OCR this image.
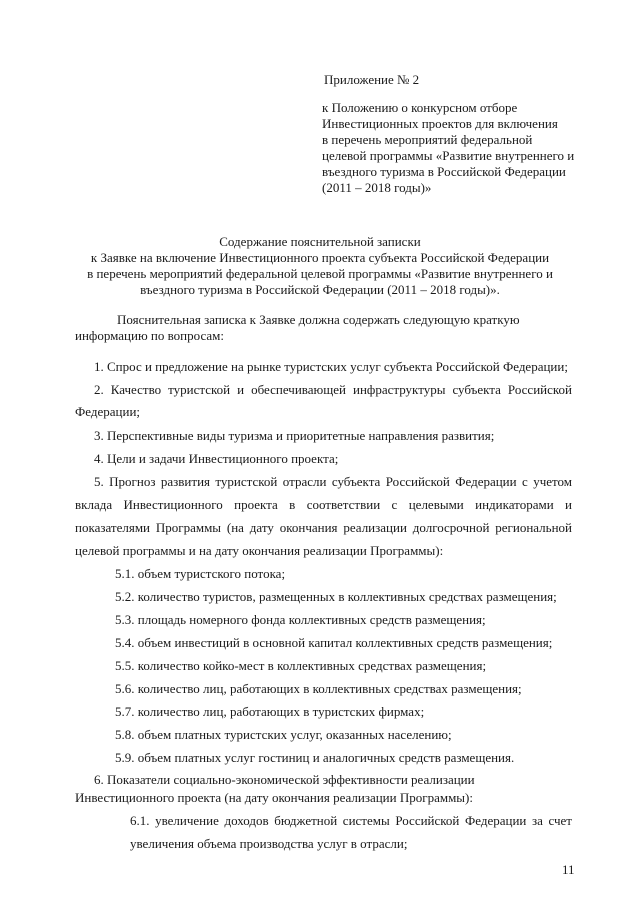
Приложение № 2
к Положению о конкурсном отборе
Инвестиционных проектов для включения
в перечень мероприятий федеральной
целевой программы «Развитие внутреннего и
въездного туризма в Российской Федерации
(2011 – 2018 годы)»
Содержание пояснительной записки
к Заявке на включение Инвестиционного проекта субъекта Российской Федерации
в перечень мероприятий федеральной целевой программы «Развитие внутреннего и
въездного туризма в Российской Федерации (2011 – 2018 годы)».
Пояснительная записка к Заявке должна содержать следующую краткую
информацию по вопросам:
1. Спрос и предложение на рынке туристских услуг субъекта Российской Федерации;
2. Качество туристской и обеспечивающей инфраструктуры субъекта Российской
Федерации;
3. Перспективные виды туризма и приоритетные направления развития;
4. Цели и задачи Инвестиционного проекта;
5. Прогноз развития туристской отрасли субъекта Российской Федерации с учетом
вклада Инвестиционного проекта в соответствии с целевыми индикаторами и
показателями Программы (на дату окончания реализации долгосрочной региональной
целевой программы и на дату окончания реализации Программы):
5.1. объем туристского потока;
5.2. количество туристов, размещенных в коллективных средствах размещения;
5.3. площадь номерного фонда коллективных средств размещения;
5.4. объем инвестиций в основной капитал коллективных средств размещения;
5.5. количество койко-мест в коллективных средствах размещения;
5.6. количество лиц, работающих в коллективных средствах размещения;
5.7. количество лиц, работающих в туристских фирмах;
5.8. объем платных туристских услуг, оказанных населению;
5.9. объем платных услуг гостиниц и аналогичных средств размещения.
6. Показатели социально-экономической эффективности реализации
Инвестиционного проекта (на дату окончания реализации Программы):
6.1. увеличение доходов бюджетной системы Российской Федерации за счет
увеличения объема производства услуг в отрасли;
11
